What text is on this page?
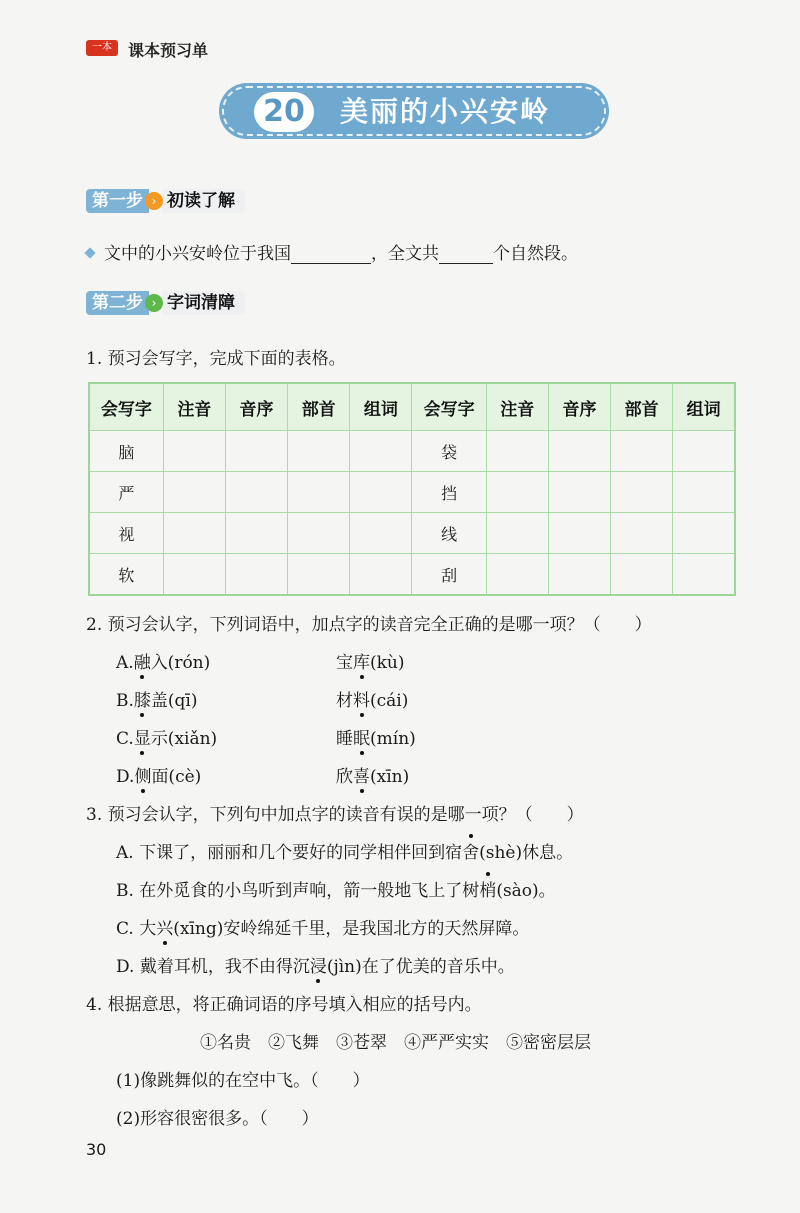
一本	课本预习单
20	美丽的小兴安岭
第一步 › 初读了解
文中的小兴安岭位于我国	，全文共	个自然段。
第二步 › 字词清障
1. 预习会写字，完成下面的表格。
会写字	注音	音序	部首	组词	会写字	注音	音序	部首	组词
脑					袋				
严					挡				
视					线				
软					刮				
2. 预习会认字，下列词语中，加点字的读音完全正确的是哪一项？（　　）
A.融入(rón)	宝库(kù)
B.膝盖(qī)	材料(cái)
C.显示(xiǎn)	睡眠(mín)
D.侧面(cè)	欣喜(xīn)
3. 预习会认字，下列句中加点字的读音有误的是哪一项？（　　）
A. 下课了，丽丽和几个要好的同学相伴回到宿舍(shè)休息。
B. 在外觅食的小鸟听到声响，箭一般地飞上了树梢(sào)。
C. 大兴(xīng)安岭绵延千里，是我国北方的天然屏障。
D. 戴着耳机，我不由得沉浸(jìn)在了优美的音乐中。
4. 根据意思，将正确词语的序号填入相应的括号内。
①名贵　②飞舞　③苍翠　④严严实实　⑤密密层层
(1)像跳舞似的在空中飞。（　　）
(2)形容很密很多。（　　）
30
